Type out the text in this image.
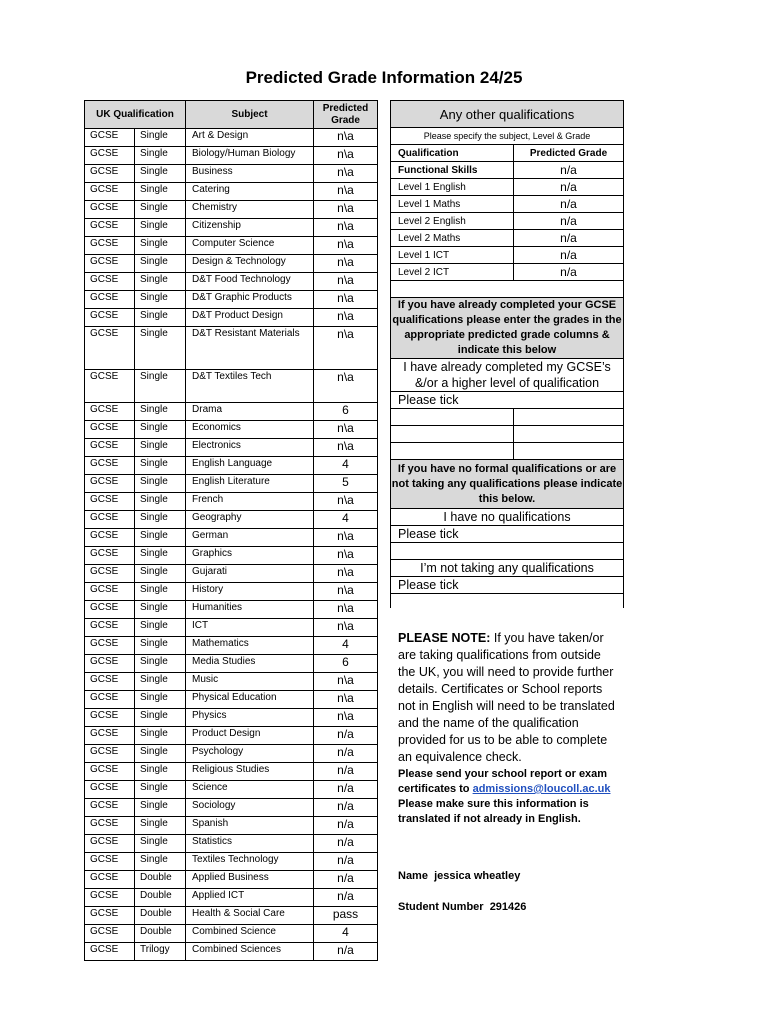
Predicted Grade Information 24/25
UK Qualification		Subject	Predicted
Grade
GCSE	Single	Art & Design	n\a
GCSE	Single	Biology/Human Biology	n\a
GCSE	Single	Business	n\a
GCSE	Single	Catering	n\a
GCSE	Single	Chemistry	n\a
GCSE	Single	Citizenship	n\a
GCSE	Single	Computer Science	n\a
GCSE	Single	Design & Technology	n\a
GCSE	Single	D&T Food Technology	n\a
GCSE	Single	D&T Graphic Products	n\a
GCSE	Single	D&T Product Design	n\a
GCSE	Single	D&T Resistant Materials	n\a
GCSE	Single	D&T Textiles Tech	n\a
GCSE	Single	Drama	6
GCSE	Single	Economics	n\a
GCSE	Single	Electronics	n\a
GCSE	Single	English Language	4
GCSE	Single	English Literature	5
GCSE	Single	French	n\a
GCSE	Single	Geography	4
GCSE	Single	German	n\a
GCSE	Single	Graphics	n\a
GCSE	Single	Gujarati	n\a
GCSE	Single	History	n\a
GCSE	Single	Humanities	n\a
GCSE	Single	ICT	n\a
GCSE	Single	Mathematics	4
GCSE	Single	Media Studies	6
GCSE	Single	Music	n\a
GCSE	Single	Physical Education	n\a
GCSE	Single	Physics	n\a
GCSE	Single	Product Design	n/a
GCSE	Single	Psychology	n/a
GCSE	Single	Religious Studies	n/a
GCSE	Single	Science	n/a
GCSE	Single	Sociology	n/a
GCSE	Single	Spanish	n/a
GCSE	Single	Statistics	n/a
GCSE	Single	Textiles Technology	n/a
GCSE	Double	Applied Business	n/a
GCSE	Double	Applied ICT	n/a
GCSE	Double	Health & Social Care	pass
GCSE	Double	Combined Science	4
GCSE	Trilogy	Combined Sciences	n/a
Any other qualifications	
Please specify the subject, Level & Grade	
Qualification	Predicted Grade
Functional Skills	n/a
Level 1 English	n/a
Level 1 Maths	n/a
Level 2 English	n/a
Level 2 Maths	n/a
Level 1 ICT	n/a
Level 2 ICT	n/a

If you have already completed your GCSE qualifications please enter the grades in the appropriate predicted grade columns & indicate this below	
I have already completed my GCSE’s &/or a higher level of qualification	
Please tick	

If you have no formal qualifications or are not taking any qualifications please indicate this below.	
I have no qualifications	
Please tick	

I’m not taking any qualifications	
Please tick	

PLEASE NOTE: If you have taken/or are taking qualifications from outside the UK, you will need to provide further details. Certificates or School reports not in English will need to be translated and the name of the qualification provided for us to be able to complete an equivalence check.
Please send your school report or exam certificates to admissions@loucoll.ac.uk
Please make sure this information is translated if not already in English.
Name jessica wheatley
Student Number 291426
